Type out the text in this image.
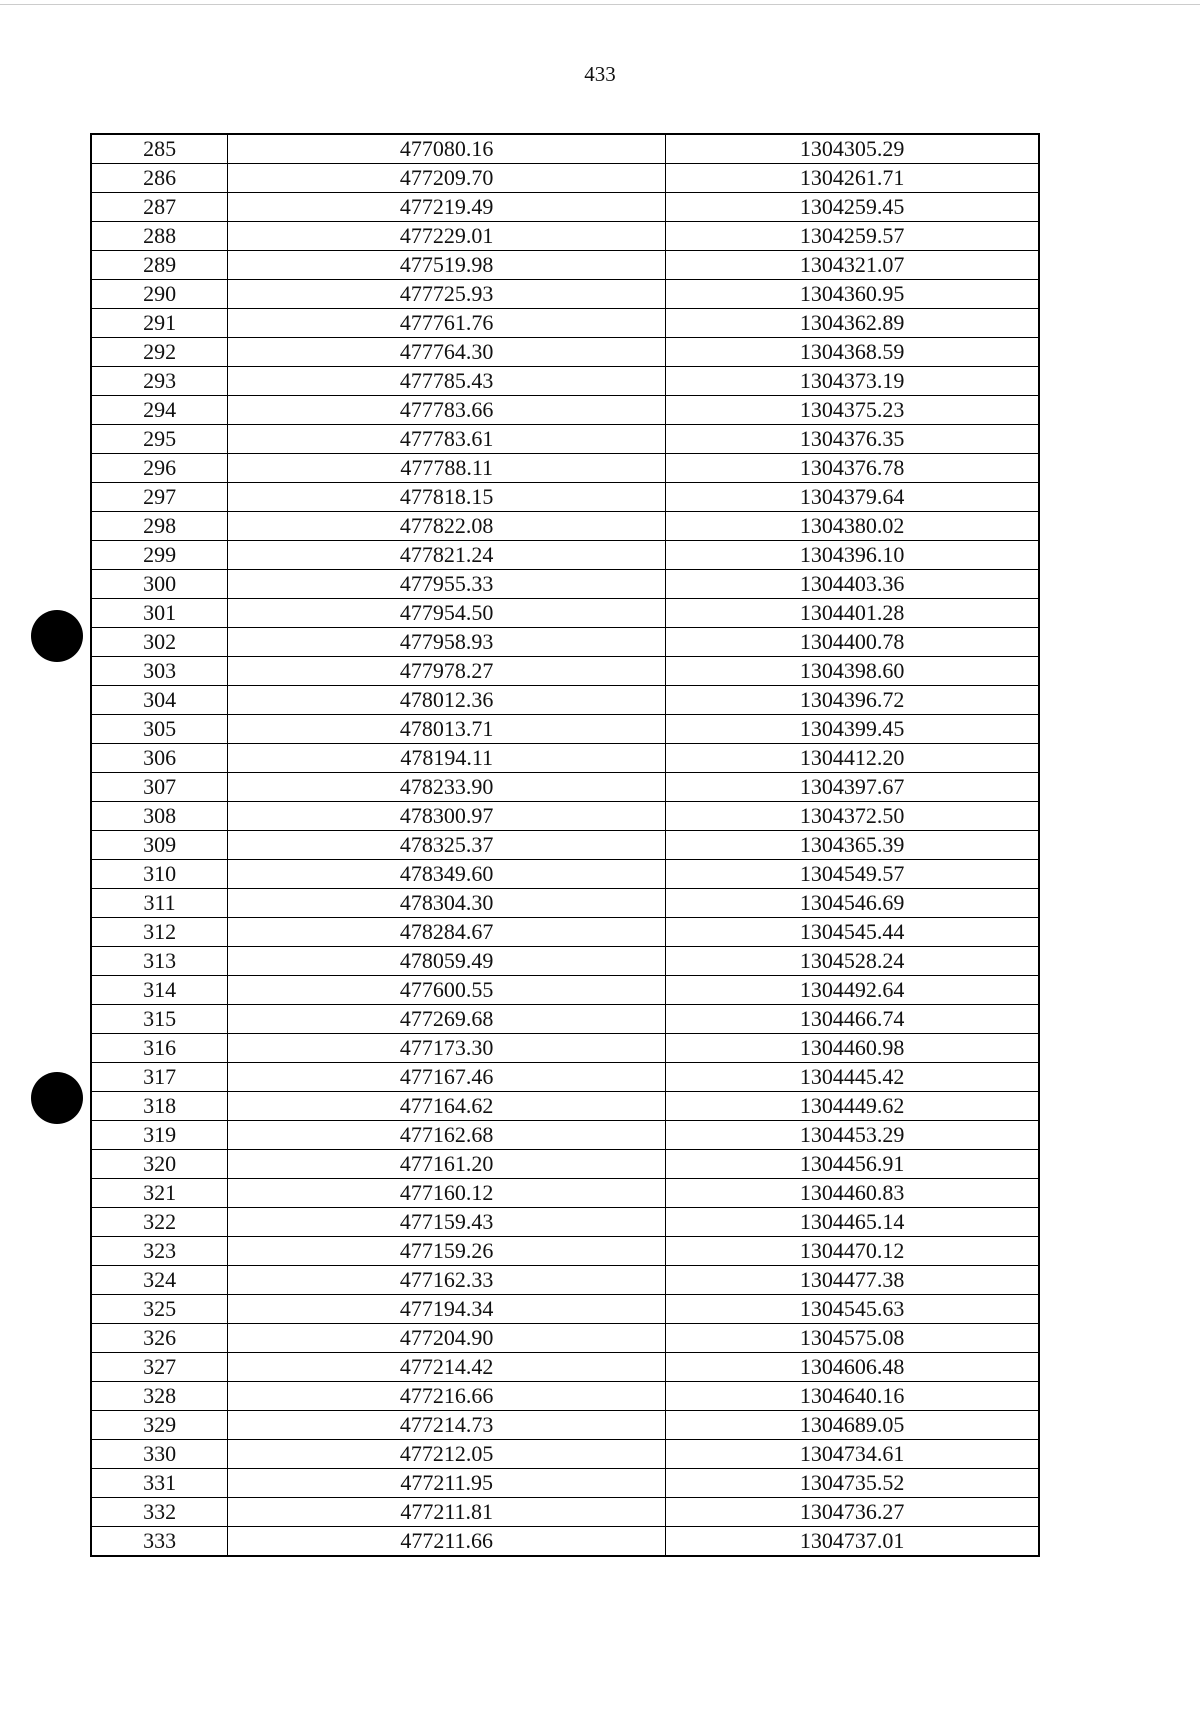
433
285	477080.16	1304305.29
286	477209.70	1304261.71
287	477219.49	1304259.45
288	477229.01	1304259.57
289	477519.98	1304321.07
290	477725.93	1304360.95
291	477761.76	1304362.89
292	477764.30	1304368.59
293	477785.43	1304373.19
294	477783.66	1304375.23
295	477783.61	1304376.35
296	477788.11	1304376.78
297	477818.15	1304379.64
298	477822.08	1304380.02
299	477821.24	1304396.10
300	477955.33	1304403.36
301	477954.50	1304401.28
302	477958.93	1304400.78
303	477978.27	1304398.60
304	478012.36	1304396.72
305	478013.71	1304399.45
306	478194.11	1304412.20
307	478233.90	1304397.67
308	478300.97	1304372.50
309	478325.37	1304365.39
310	478349.60	1304549.57
311	478304.30	1304546.69
312	478284.67	1304545.44
313	478059.49	1304528.24
314	477600.55	1304492.64
315	477269.68	1304466.74
316	477173.30	1304460.98
317	477167.46	1304445.42
318	477164.62	1304449.62
319	477162.68	1304453.29
320	477161.20	1304456.91
321	477160.12	1304460.83
322	477159.43	1304465.14
323	477159.26	1304470.12
324	477162.33	1304477.38
325	477194.34	1304545.63
326	477204.90	1304575.08
327	477214.42	1304606.48
328	477216.66	1304640.16
329	477214.73	1304689.05
330	477212.05	1304734.61
331	477211.95	1304735.52
332	477211.81	1304736.27
333	477211.66	1304737.01
